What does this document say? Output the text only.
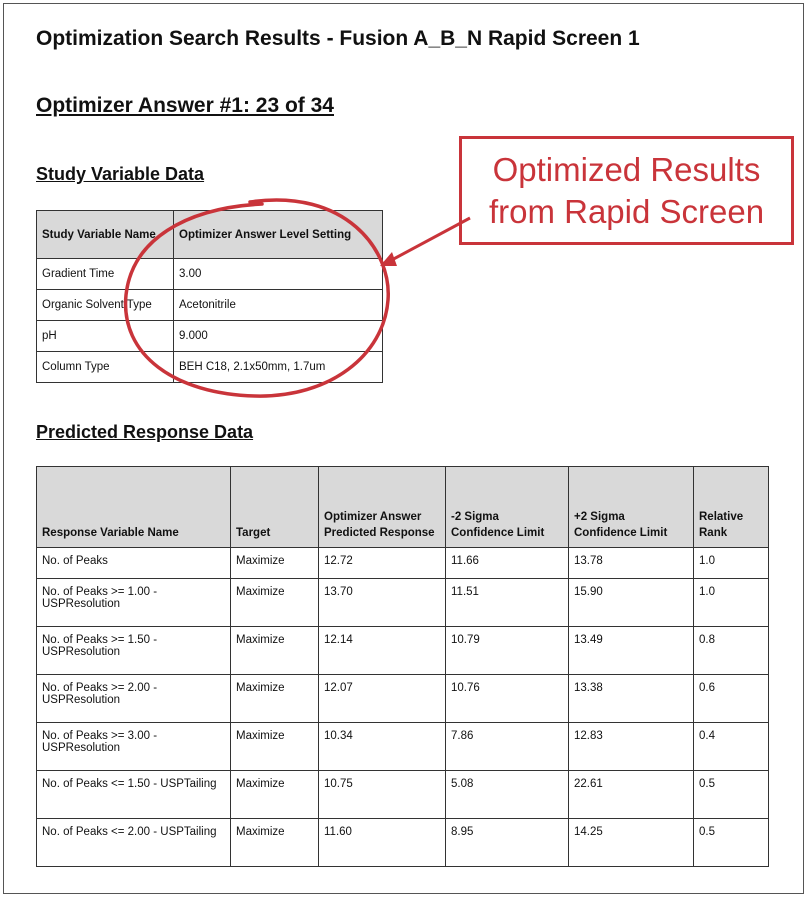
Optimization Search Results - Fusion A_B_N Rapid Screen 1
Optimizer Answer #1: 23 of 34
Study Variable Data
Study Variable Name	Optimizer Answer Level Setting
Gradient Time	3.00
Organic Solvent Type	Acetonitrile
pH	9.000
Column Type	BEH C18, 2.1x50mm, 1.7um
Predicted Response Data
Response Variable Name	Target	Optimizer Answer Predicted Response	-2 Sigma Confidence Limit	+2 Sigma Confidence Limit	Relative Rank
No. of Peaks	Maximize	12.72	11.66	13.78	1.0
No. of Peaks >= 1.00 - USPResolution	Maximize	13.70	11.51	15.90	1.0
No. of Peaks >= 1.50 - USPResolution	Maximize	12.14	10.79	13.49	0.8
No. of Peaks >= 2.00 - USPResolution	Maximize	12.07	10.76	13.38	0.6
No. of Peaks >= 3.00 - USPResolution	Maximize	10.34	7.86	12.83	0.4
No. of Peaks <= 1.50 - USPTailing	Maximize	10.75	5.08	22.61	0.5
No. of Peaks <= 2.00 - USPTailing	Maximize	11.60	8.95	14.25	0.5
Optimized Results
from Rapid Screen
